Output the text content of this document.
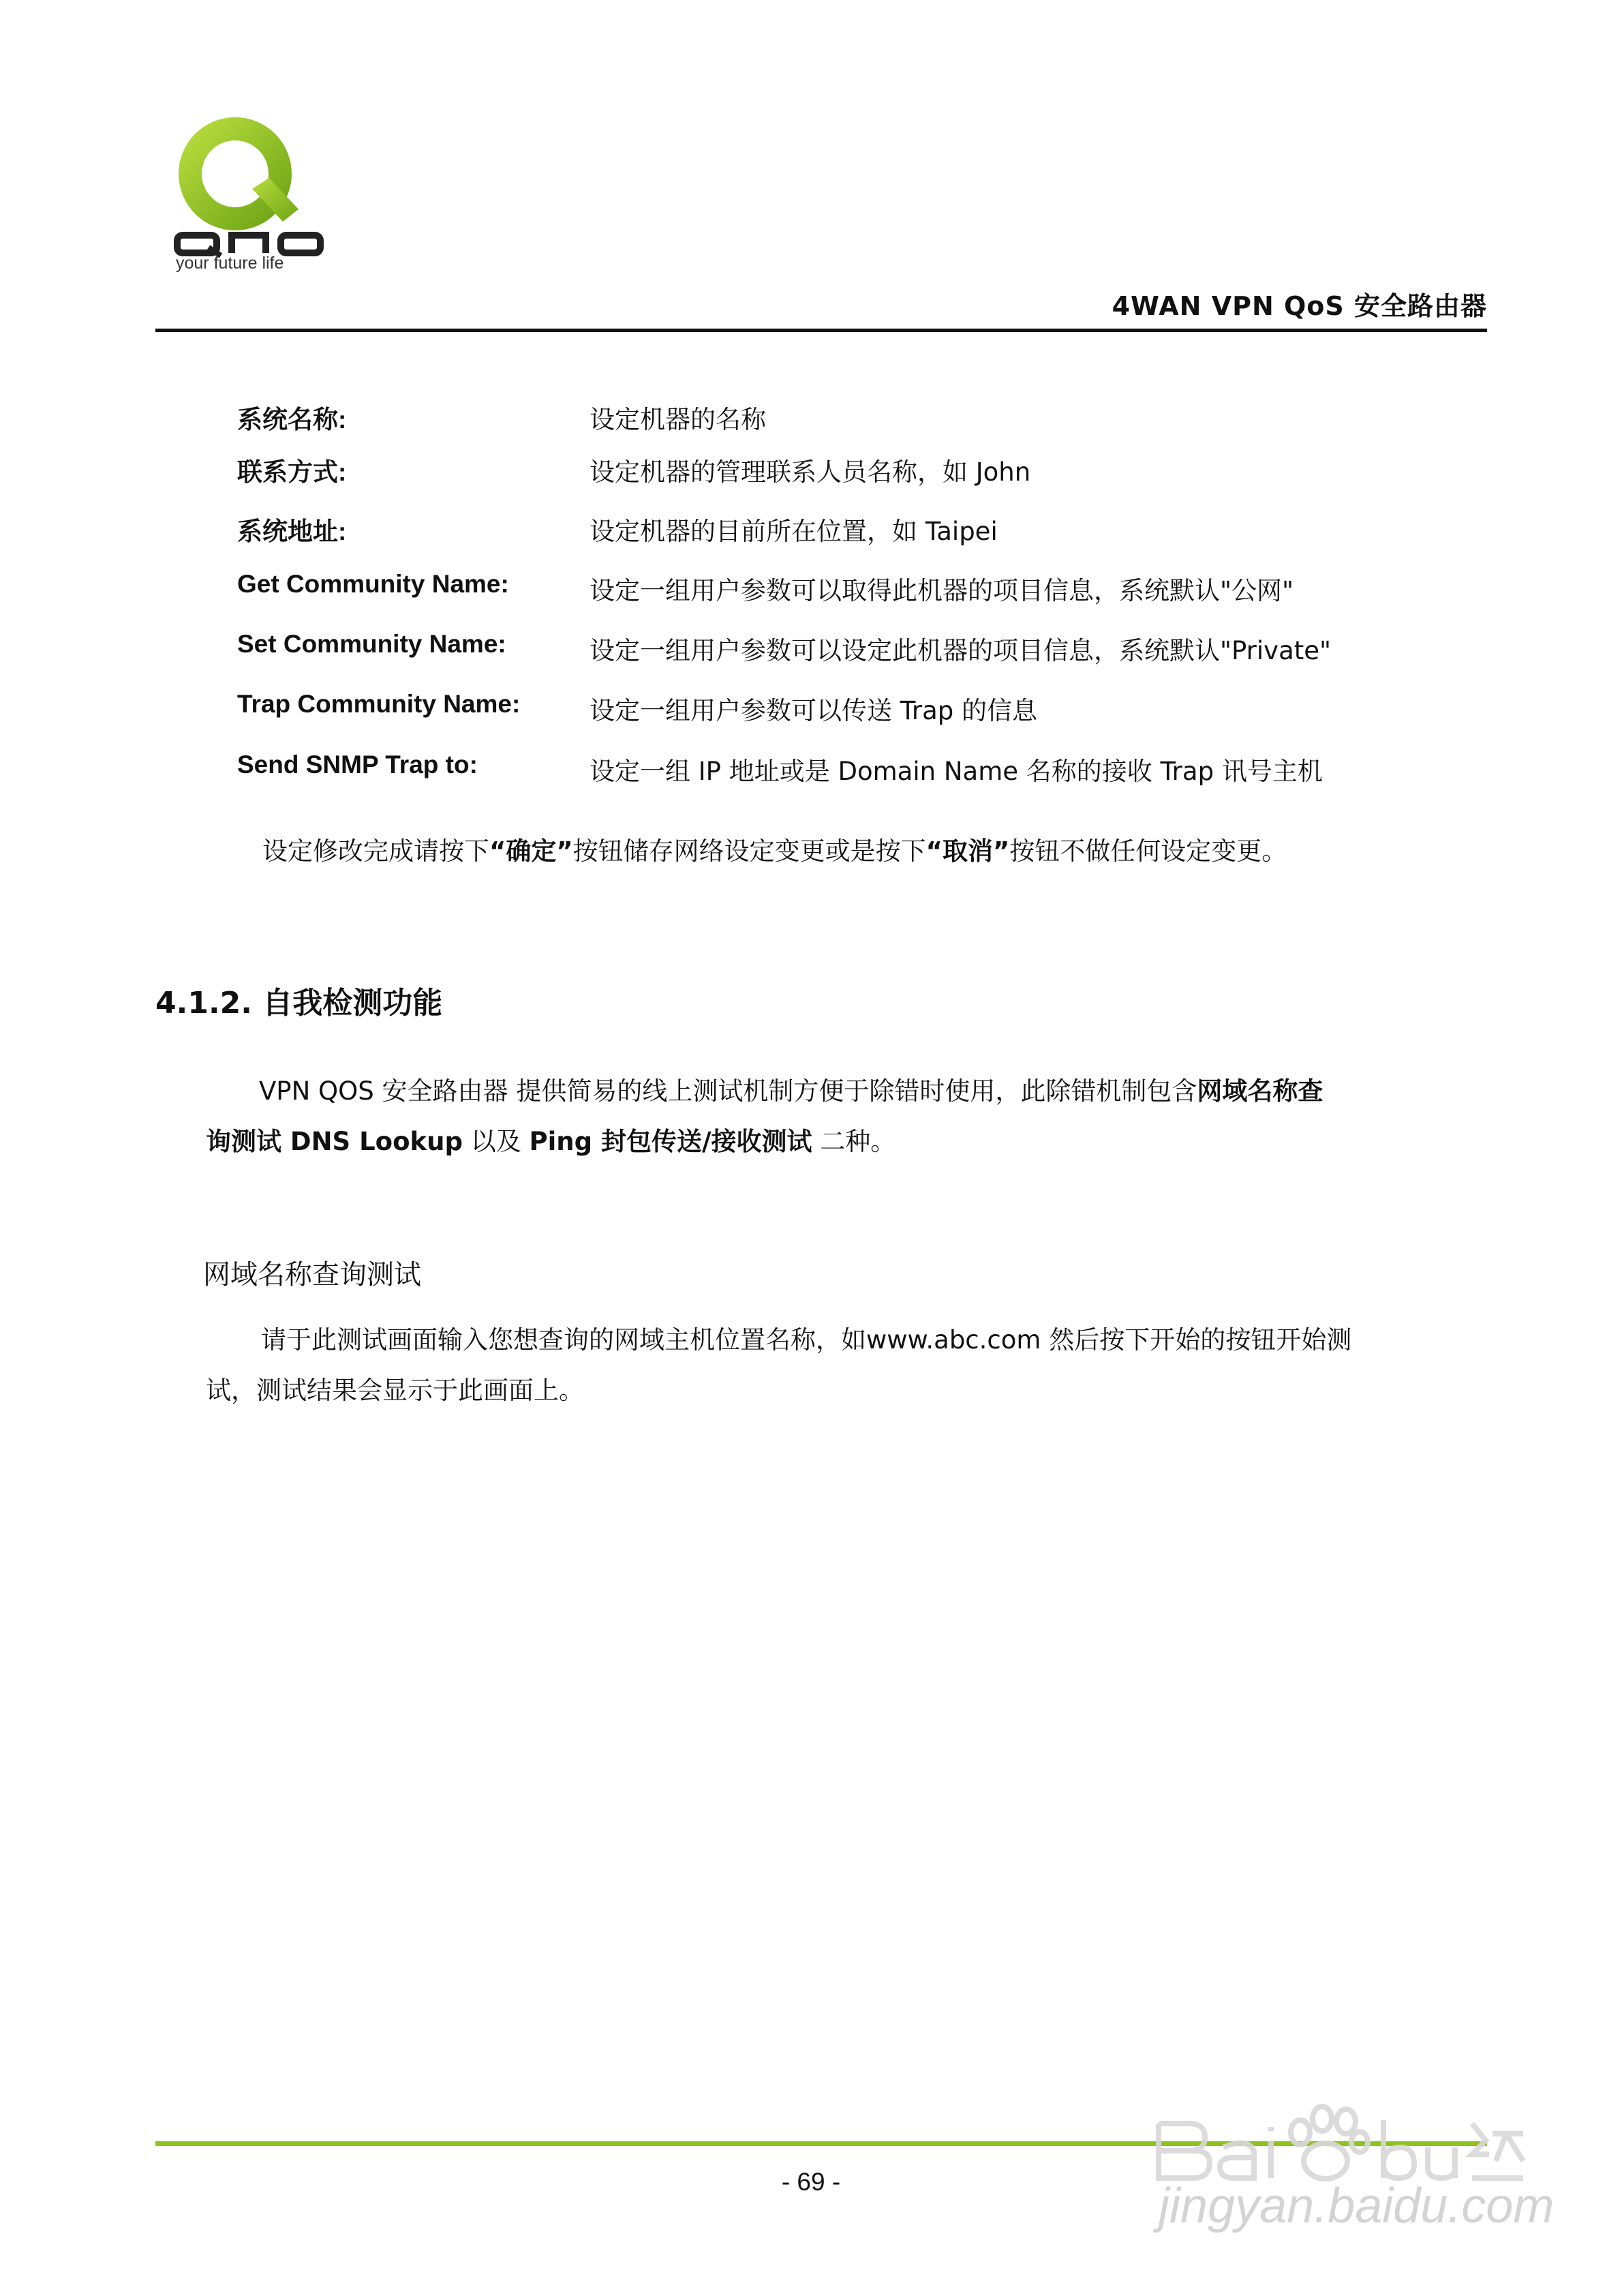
your future life
4WAN VPN QoS 安全路由器
系统名称:	设定机器的名称
联系方式:	设定机器的管理联系人员名称，如 John
系统地址:	设定机器的目前所在位置，如 Taipei
Get Community Name:	设定一组用户参数可以取得此机器的项目信息，系统默认"公网"
Set Community Name:	设定一组用户参数可以设定此机器的项目信息，系统默认"Private"
Trap Community Name:	设定一组用户参数可以传送 Trap 的信息
Send SNMP Trap to:	设定一组 IP 地址或是 Domain Name 名称的接收 Trap 讯号主机
设定修改完成请按下“确定”按钮储存网络设定变更或是按下“取消”按钮不做任何设定变更。
4.1.2. 自我检测功能
VPN QOS 安全路由器 提供简易的线上测试机制方便于除错时使用，此除错机制包含网域名称查
询测试 DNS Lookup 以及 Ping 封包传送/接收测试 二种。
网域名称查询测试
请于此测试画面输入您想查询的网域主机位置名称，如www.abc.com 然后按下开始的按钮开始测
试，测试结果会显示于此画面上。
- 69 -	jingyan.baidu.com
